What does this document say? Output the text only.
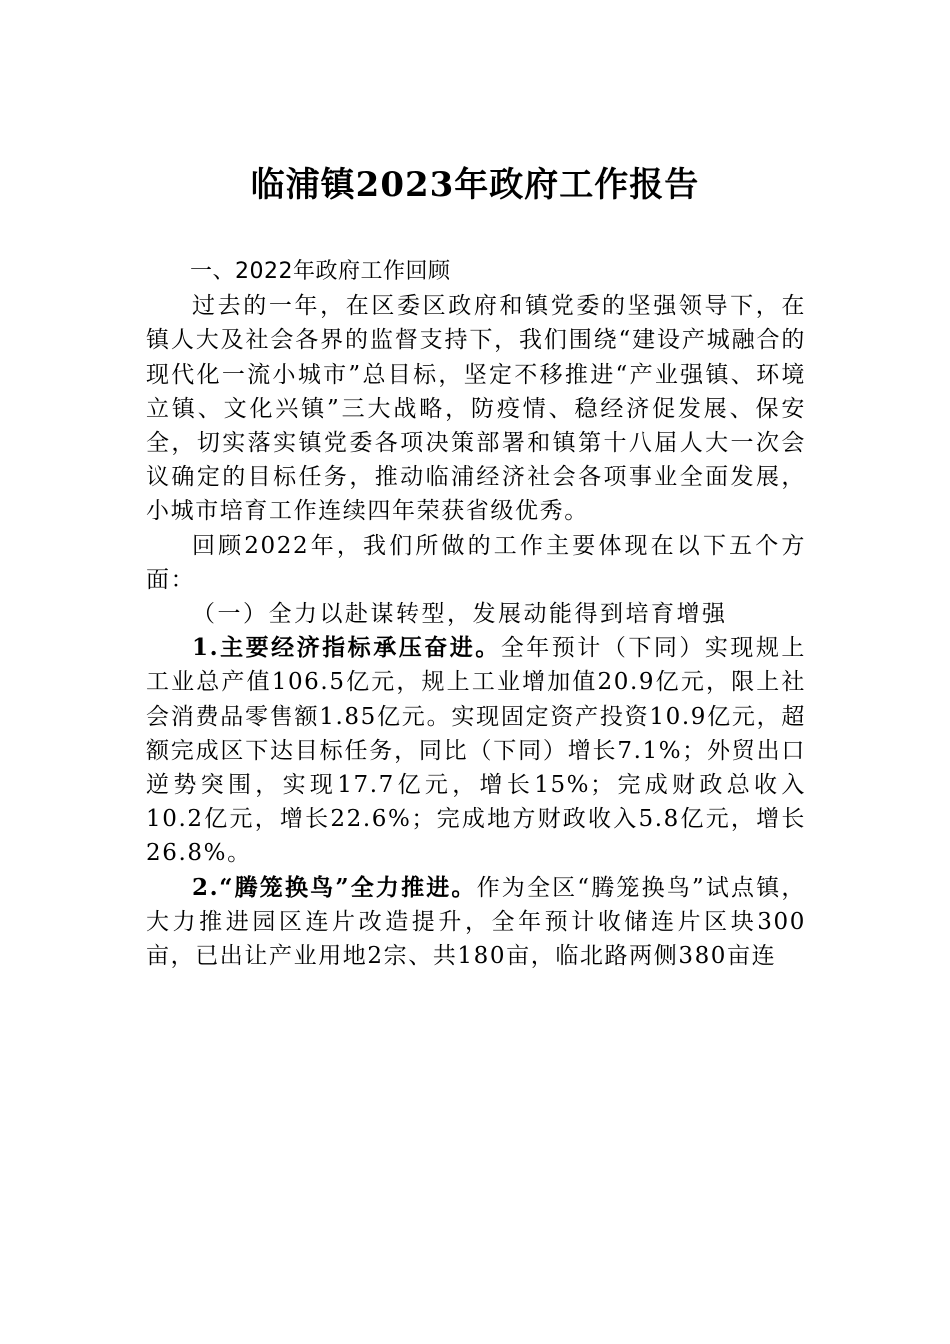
临浦镇2023年政府工作报告

一、2022年政府工作回顾

过去的一年，在区委区政府和镇党委的坚强领导下，在镇人大及社会各界的监督支持下，我们围绕“建设产城融合的现代化一流小城市”总目标，坚定不移推进“产业强镇、环境立镇、文化兴镇”三大战略，防疫情、稳经济促发展、保安全，切实落实镇党委各项决策部署和镇第十八届人大一次会议确定的目标任务，推动临浦经济社会各项事业全面发展，小城市培育工作连续四年荣获省级优秀。

回顾2022年，我们所做的工作主要体现在以下五个方面：

（一）全力以赴谋转型，发展动能得到培育增强

1.主要经济指标承压奋进。全年预计（下同）实现规上工业总产值106.5亿元，规上工业增加值20.9亿元，限上社会消费品零售额1.85亿元。实现固定资产投资10.9亿元，超额完成区下达目标任务，同比（下同）增长7.1%；外贸出口逆势突围，实现17.7亿元，增长15%；完成财政总收入10.2亿元，增长22.6%；完成地方财政收入5.8亿元，增长26.8%。

2.“腾笼换鸟”全力推进。作为全区“腾笼换鸟”试点镇，大力推进园区连片改造提升，全年预计收储连片区块300亩，已出让产业用地2宗、共180亩，临北路两侧380亩连
